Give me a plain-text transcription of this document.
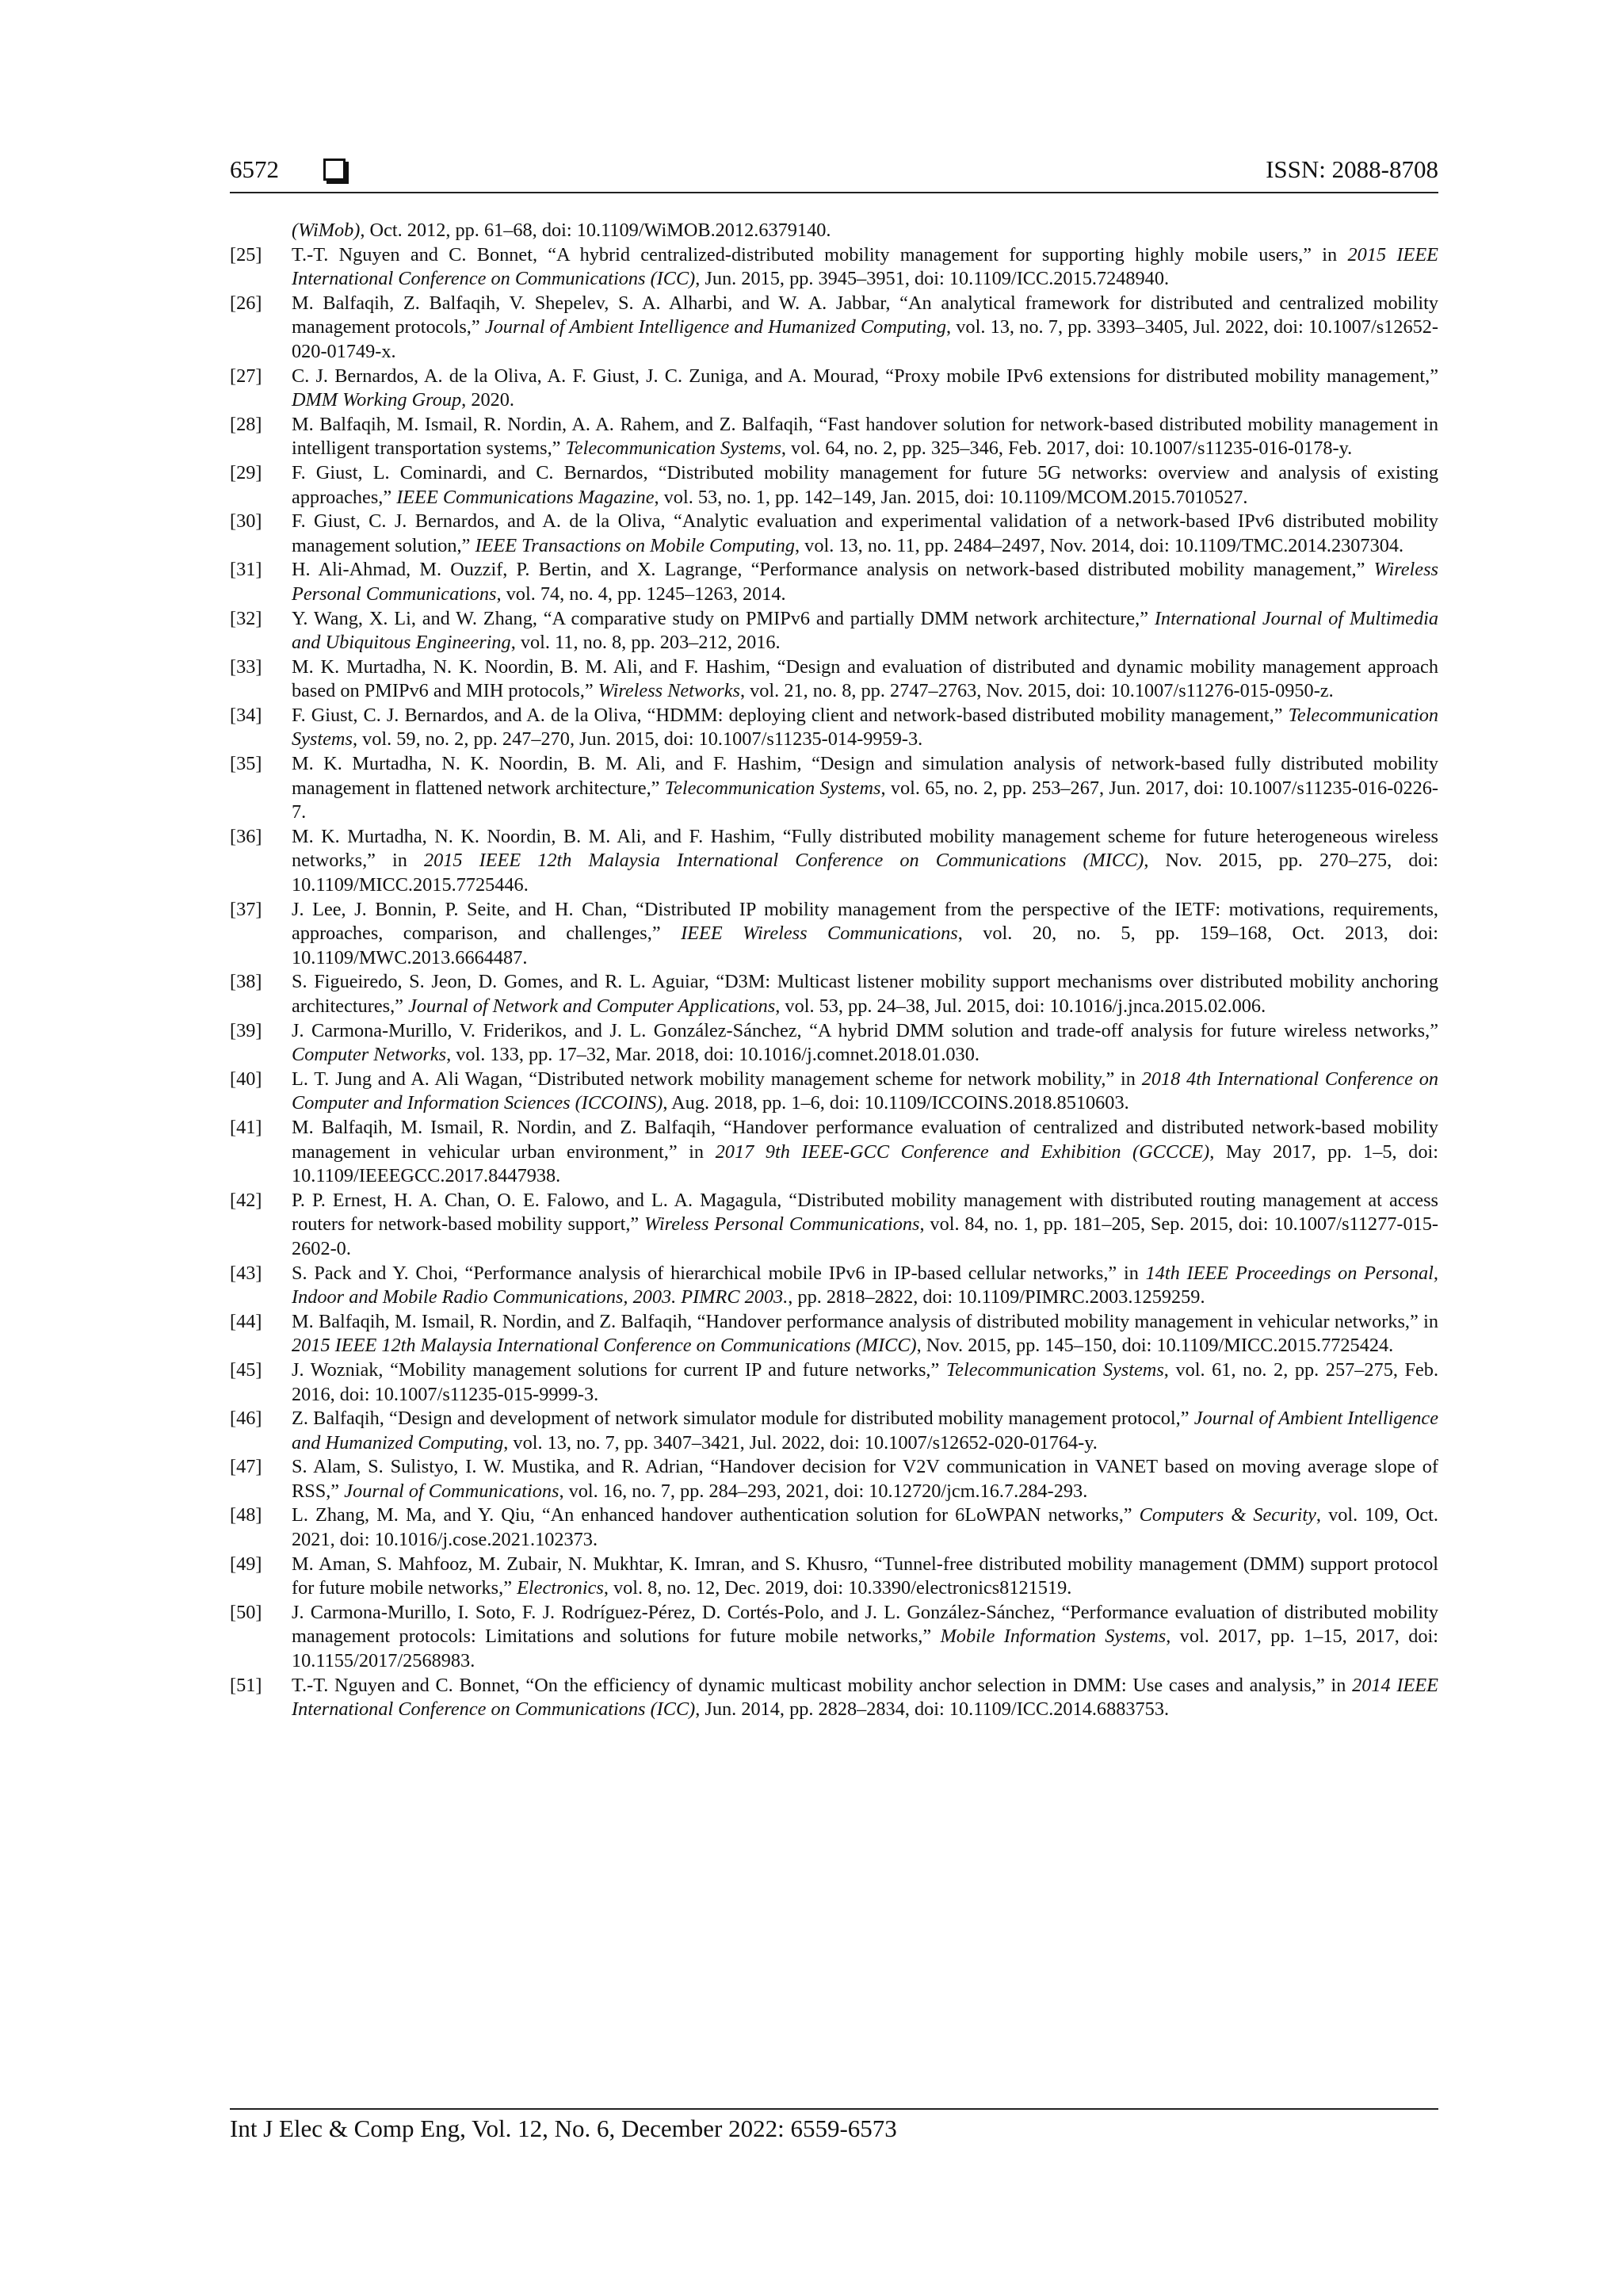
6572	ISSN: 2088-8708
(WiMob), Oct. 2012, pp. 61–68, doi: 10.1109/WiMOB.2012.6379140.
[25]	T.-T. Nguyen and C. Bonnet, “A hybrid centralized-distributed mobility management for supporting highly mobile users,” in 2015 IEEE International Conference on Communications (ICC), Jun. 2015, pp. 3945–3951, doi: 10.1109/ICC.2015.7248940.
[26]	M. Balfaqih, Z. Balfaqih, V. Shepelev, S. A. Alharbi, and W. A. Jabbar, “An analytical framework for distributed and centralized mobility management protocols,” Journal of Ambient Intelligence and Humanized Computing, vol. 13, no. 7, pp. 3393–3405, Jul. 2022, doi: 10.1007/s12652-020-01749-x.
[27]	C. J. Bernardos, A. de la Oliva, A. F. Giust, J. C. Zuniga, and A. Mourad, “Proxy mobile IPv6 extensions for distributed mobility management,” DMM Working Group, 2020.
[28]	M. Balfaqih, M. Ismail, R. Nordin, A. A. Rahem, and Z. Balfaqih, “Fast handover solution for network-based distributed mobility management in intelligent transportation systems,” Telecommunication Systems, vol. 64, no. 2, pp. 325–346, Feb. 2017, doi: 10.1007/s11235-016-0178-y.
[29]	F. Giust, L. Cominardi, and C. Bernardos, “Distributed mobility management for future 5G networks: overview and analysis of existing approaches,” IEEE Communications Magazine, vol. 53, no. 1, pp. 142–149, Jan. 2015, doi: 10.1109/MCOM.2015.7010527.
[30]	F. Giust, C. J. Bernardos, and A. de la Oliva, “Analytic evaluation and experimental validation of a network-based IPv6 distributed mobility management solution,” IEEE Transactions on Mobile Computing, vol. 13, no. 11, pp. 2484–2497, Nov. 2014, doi: 10.1109/TMC.2014.2307304.
[31]	H. Ali-Ahmad, M. Ouzzif, P. Bertin, and X. Lagrange, “Performance analysis on network-based distributed mobility management,” Wireless Personal Communications, vol. 74, no. 4, pp. 1245–1263, 2014.
[32]	Y. Wang, X. Li, and W. Zhang, “A comparative study on PMIPv6 and partially DMM network architecture,” International Journal of Multimedia and Ubiquitous Engineering, vol. 11, no. 8, pp. 203–212, 2016.
[33]	M. K. Murtadha, N. K. Noordin, B. M. Ali, and F. Hashim, “Design and evaluation of distributed and dynamic mobility management approach based on PMIPv6 and MIH protocols,” Wireless Networks, vol. 21, no. 8, pp. 2747–2763, Nov. 2015, doi: 10.1007/s11276-015-0950-z.
[34]	F. Giust, C. J. Bernardos, and A. de la Oliva, “HDMM: deploying client and network-based distributed mobility management,” Telecommunication Systems, vol. 59, no. 2, pp. 247–270, Jun. 2015, doi: 10.1007/s11235-014-9959-3.
[35]	M. K. Murtadha, N. K. Noordin, B. M. Ali, and F. Hashim, “Design and simulation analysis of network-based fully distributed mobility management in flattened network architecture,” Telecommunication Systems, vol. 65, no. 2, pp. 253–267, Jun. 2017, doi: 10.1007/s11235-016-0226-7.
[36]	M. K. Murtadha, N. K. Noordin, B. M. Ali, and F. Hashim, “Fully distributed mobility management scheme for future heterogeneous wireless networks,” in 2015 IEEE 12th Malaysia International Conference on Communications (MICC), Nov. 2015, pp. 270–275, doi: 10.1109/MICC.2015.7725446.
[37]	J. Lee, J. Bonnin, P. Seite, and H. Chan, “Distributed IP mobility management from the perspective of the IETF: motivations, requirements, approaches, comparison, and challenges,” IEEE Wireless Communications, vol. 20, no. 5, pp. 159–168, Oct. 2013, doi: 10.1109/MWC.2013.6664487.
[38]	S. Figueiredo, S. Jeon, D. Gomes, and R. L. Aguiar, “D3M: Multicast listener mobility support mechanisms over distributed mobility anchoring architectures,” Journal of Network and Computer Applications, vol. 53, pp. 24–38, Jul. 2015, doi: 10.1016/j.jnca.2015.02.006.
[39]	J. Carmona-Murillo, V. Friderikos, and J. L. González-Sánchez, “A hybrid DMM solution and trade-off analysis for future wireless networks,” Computer Networks, vol. 133, pp. 17–32, Mar. 2018, doi: 10.1016/j.comnet.2018.01.030.
[40]	L. T. Jung and A. Ali Wagan, “Distributed network mobility management scheme for network mobility,” in 2018 4th International Conference on Computer and Information Sciences (ICCOINS), Aug. 2018, pp. 1–6, doi: 10.1109/ICCOINS.2018.8510603.
[41]	M. Balfaqih, M. Ismail, R. Nordin, and Z. Balfaqih, “Handover performance evaluation of centralized and distributed network-based mobility management in vehicular urban environment,” in 2017 9th IEEE-GCC Conference and Exhibition (GCCCE), May 2017, pp. 1–5, doi: 10.1109/IEEEGCC.2017.8447938.
[42]	P. P. Ernest, H. A. Chan, O. E. Falowo, and L. A. Magagula, “Distributed mobility management with distributed routing management at access routers for network-based mobility support,” Wireless Personal Communications, vol. 84, no. 1, pp. 181–205, Sep. 2015, doi: 10.1007/s11277-015-2602-0.
[43]	S. Pack and Y. Choi, “Performance analysis of hierarchical mobile IPv6 in IP-based cellular networks,” in 14th IEEE Proceedings on Personal, Indoor and Mobile Radio Communications, 2003. PIMRC 2003., pp. 2818–2822, doi: 10.1109/PIMRC.2003.1259259.
[44]	M. Balfaqih, M. Ismail, R. Nordin, and Z. Balfaqih, “Handover performance analysis of distributed mobility management in vehicular networks,” in 2015 IEEE 12th Malaysia International Conference on Communications (MICC), Nov. 2015, pp. 145–150, doi: 10.1109/MICC.2015.7725424.
[45]	J. Wozniak, “Mobility management solutions for current IP and future networks,” Telecommunication Systems, vol. 61, no. 2, pp. 257–275, Feb. 2016, doi: 10.1007/s11235-015-9999-3.
[46]	Z. Balfaqih, “Design and development of network simulator module for distributed mobility management protocol,” Journal of Ambient Intelligence and Humanized Computing, vol. 13, no. 7, pp. 3407–3421, Jul. 2022, doi: 10.1007/s12652-020-01764-y.
[47]	S. Alam, S. Sulistyo, I. W. Mustika, and R. Adrian, “Handover decision for V2V communication in VANET based on moving average slope of RSS,” Journal of Communications, vol. 16, no. 7, pp. 284–293, 2021, doi: 10.12720/jcm.16.7.284-293.
[48]	L. Zhang, M. Ma, and Y. Qiu, “An enhanced handover authentication solution for 6LoWPAN networks,” Computers & Security, vol. 109, Oct. 2021, doi: 10.1016/j.cose.2021.102373.
[49]	M. Aman, S. Mahfooz, M. Zubair, N. Mukhtar, K. Imran, and S. Khusro, “Tunnel-free distributed mobility management (DMM) support protocol for future mobile networks,” Electronics, vol. 8, no. 12, Dec. 2019, doi: 10.3390/electronics8121519.
[50]	J. Carmona-Murillo, I. Soto, F. J. Rodríguez-Pérez, D. Cortés-Polo, and J. L. González-Sánchez, “Performance evaluation of distributed mobility management protocols: Limitations and solutions for future mobile networks,” Mobile Information Systems, vol. 2017, pp. 1–15, 2017, doi: 10.1155/2017/2568983.
[51]	T.-T. Nguyen and C. Bonnet, “On the efficiency of dynamic multicast mobility anchor selection in DMM: Use cases and analysis,” in 2014 IEEE International Conference on Communications (ICC), Jun. 2014, pp. 2828–2834, doi: 10.1109/ICC.2014.6883753.
Int J Elec & Comp Eng, Vol. 12, No. 6, December 2022: 6559-6573
